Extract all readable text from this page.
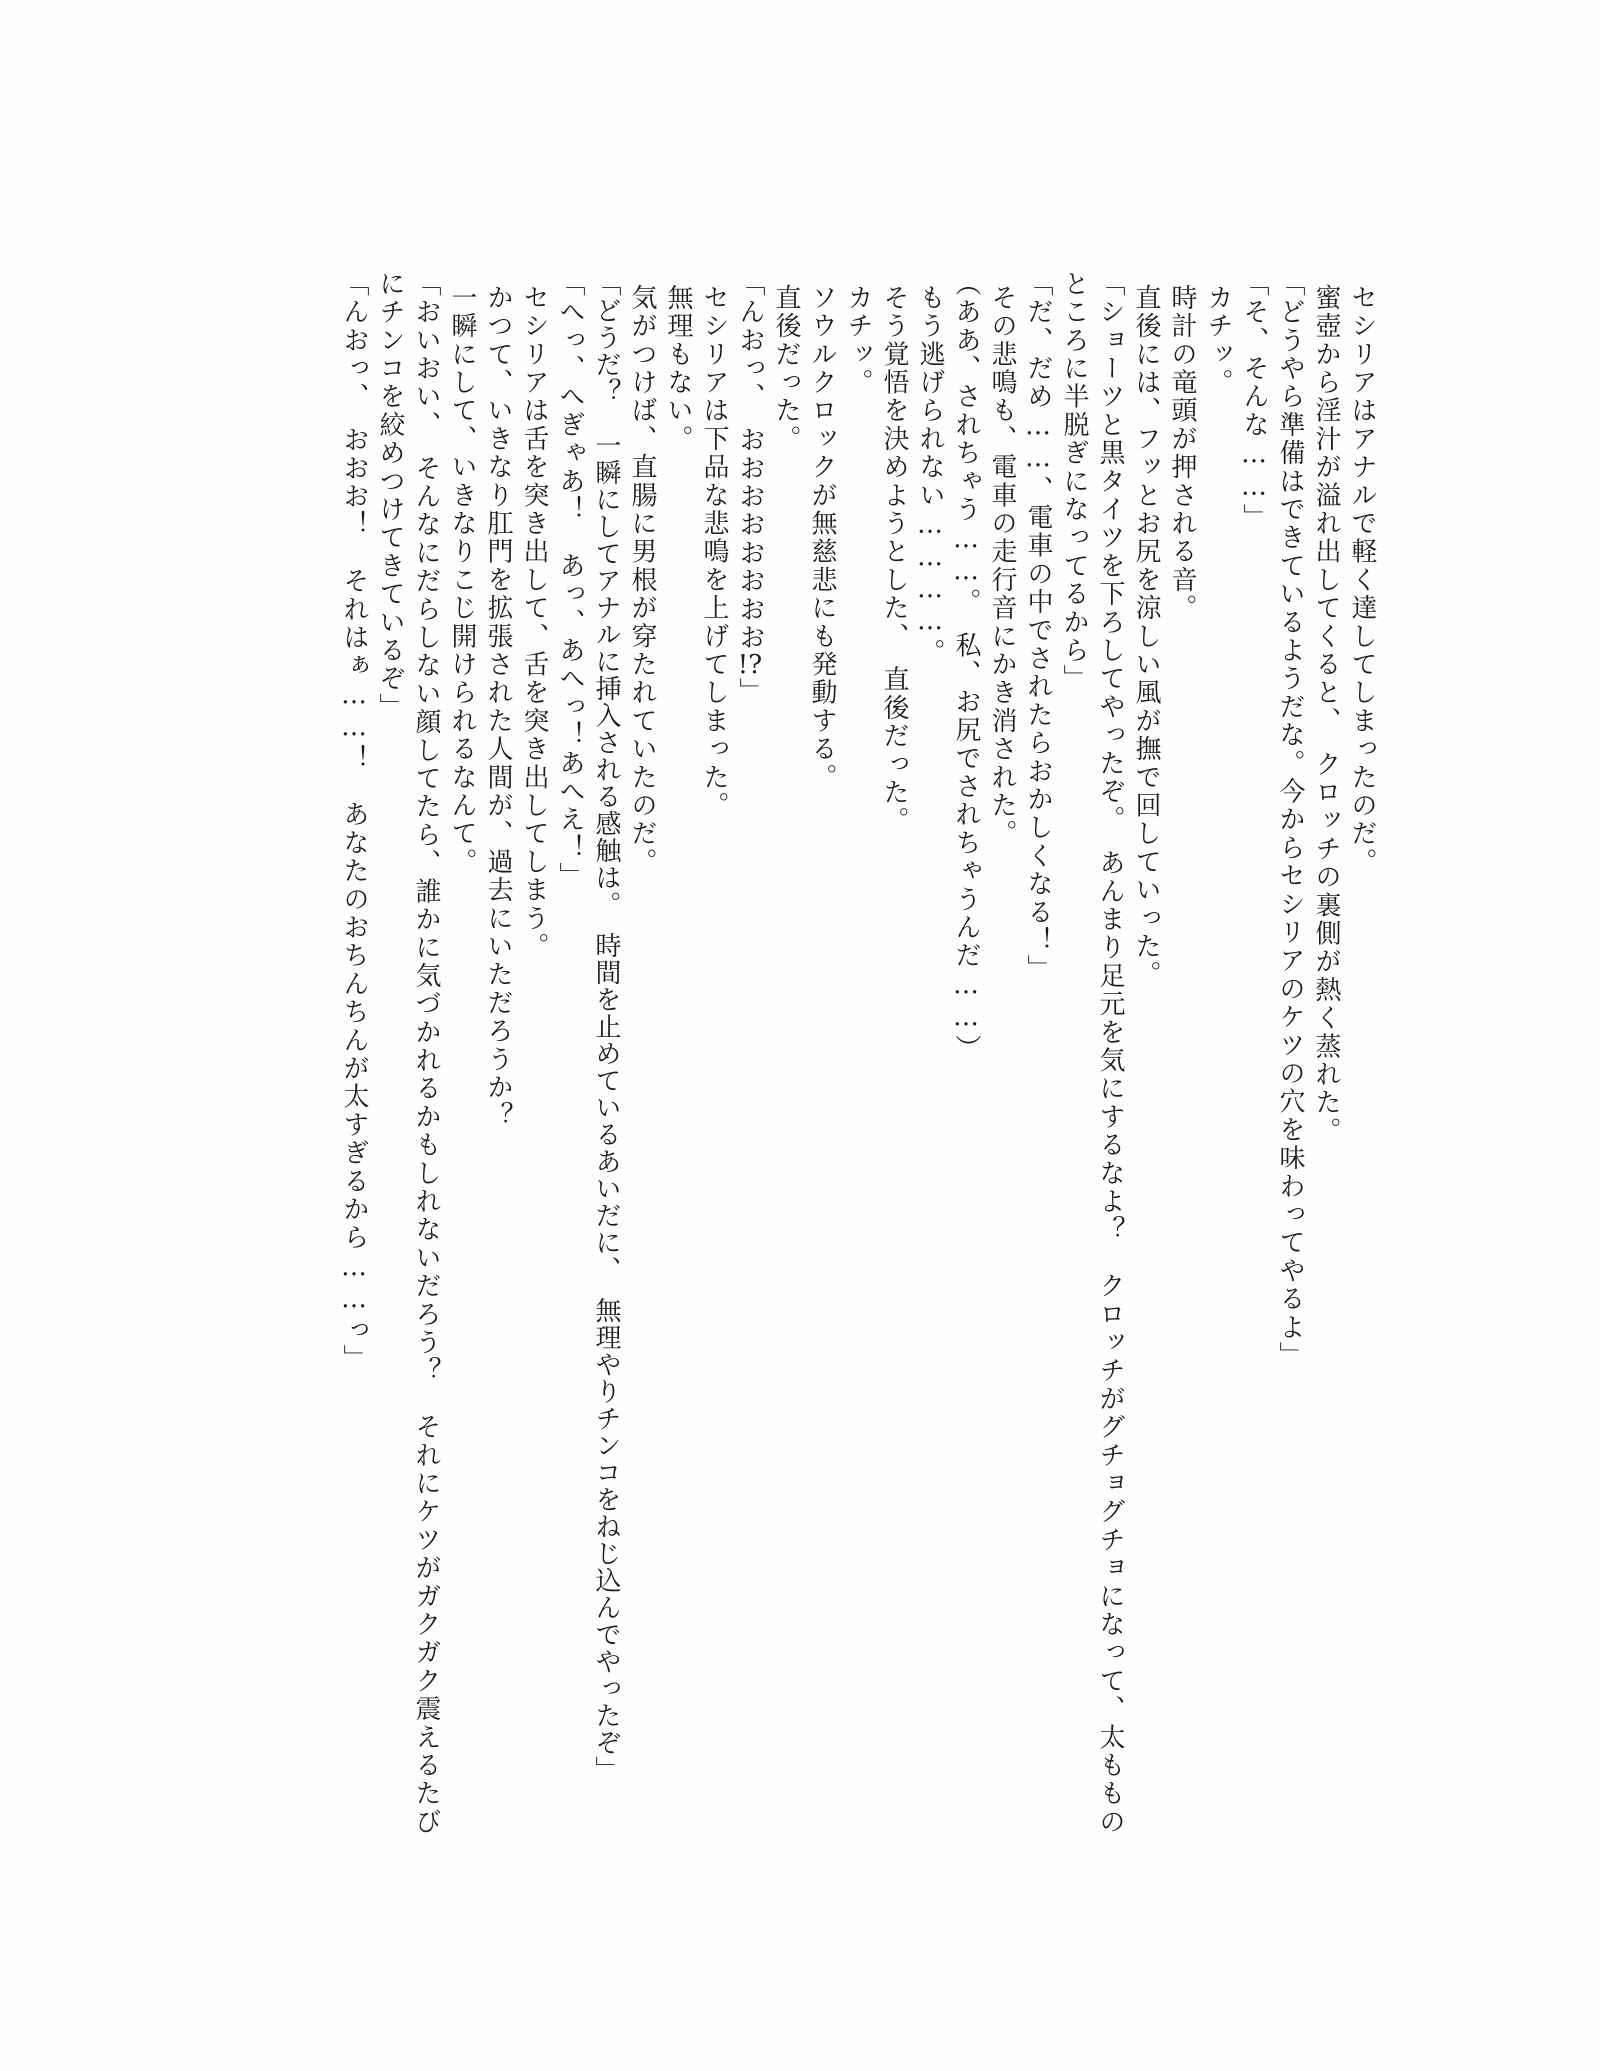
セシリアはアナルで軽く達してしまったのだ。

蜜壺から淫汁が溢れ出してくると、　クロッチの裏側が熱く蒸れた。

「どうやら準備はできているようだな。今からセシリアのケツの穴を味わってやるよ」

「そ、そんな……」

カチッ。

時計の竜頭が押される音。

直後には、フッとお尻を涼しい風が撫で回していった。

「ショーツと黒タイツを下ろしてやったぞ。　あんまり足元を気にするなよ？　クロッチがグチョグチョになって、太もものところに半脱ぎになってるから」

「だ、だめ……、電車の中でされたらおかしくなる！」

その悲鳴も、電車の走行音にかき消された。

（ああ、されちゃう……。　私、お尻でされちゃうんだ……）

もう逃げられない…………。

そう覚悟を決めようとした、　直後だった。

カチッ。

ソウルクロックが無慈悲にも発動する。

直後だった。

「んおっ、　おおおおおおおお!?」

セシリアは下品な悲鳴を上げてしまった。

無理もない。

気がつけば、直腸に男根が穿たれていたのだ。

「どうだ？　一瞬にしてアナルに挿入される感触は。　時間を止めているあいだに、　無理やりチンコをねじ込んでやったぞ」

「へっ、へぎゃあ！　あっ、あへっ！あへえ！」

セシリアは舌を突き出して、舌を突き出してしまう。

かつて、いきなり肛門を拡張された人間が、過去にいただろうか？

一瞬にして、いきなりこじ開けられるなんて。

「おいおい、　そんなにだらしない顔してたら、誰かに気づかれるかもしれないだろう？　それにケツがガクガク震えるたびにチンコを絞めつけてきているぞ」

「んおっ、　おおお！　それはぁ……！　あなたのおちんちんが太すぎるから……っ」
